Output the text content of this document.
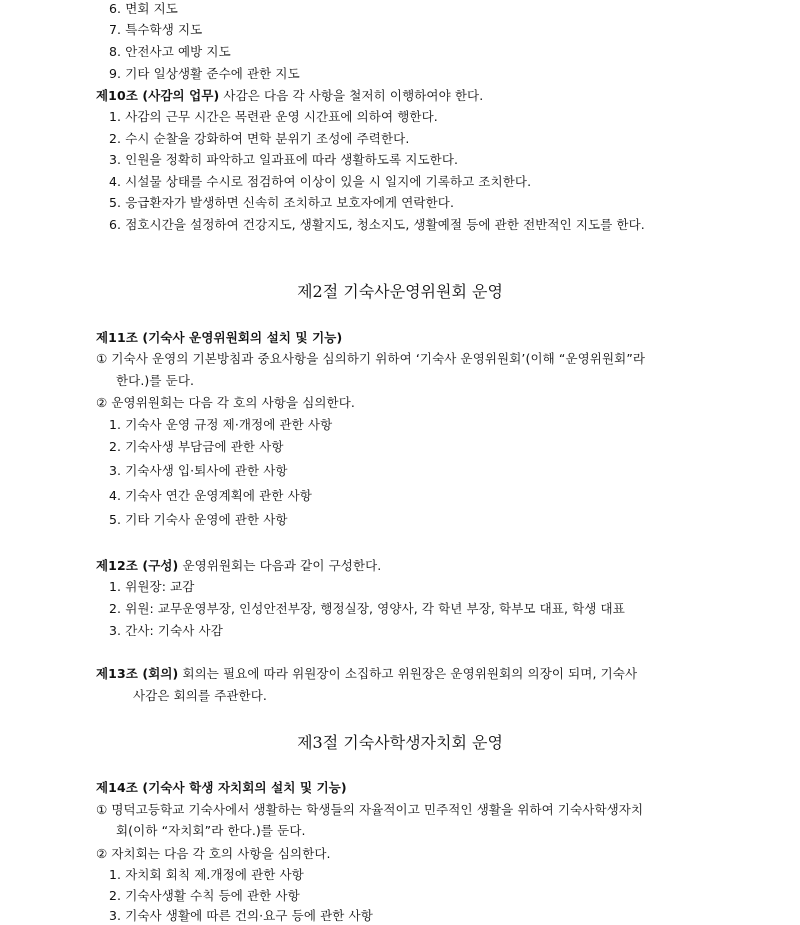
6. 면회 지도
7. 특수학생 지도
8. 안전사고 예방 지도
9. 기타 일상생활 준수에 관한 지도
제10조 (사감의 업무) 사감은 다음 각 사항을 철저히 이행하여야 한다.
1. 사감의 근무 시간은 목련관 운영 시간표에 의하여 행한다.
2. 수시 순찰을 강화하여 면학 분위기 조성에 주력한다.
3. 인원을 정확히 파악하고 일과표에 따라 생활하도록 지도한다.
4. 시설물 상태를 수시로 점검하여 이상이 있을 시 일지에 기록하고 조치한다.
5. 응급환자가 발생하면 신속히 조치하고 보호자에게 연락한다.
6. 점호시간을 설정하여 건강지도, 생활지도, 청소지도, 생활예절 등에 관한 전반적인 지도를 한다.
제2절 기숙사운영위원회 운영
제11조 (기숙사 운영위원회의 설치 및 기능)
① 기숙사 운영의 기본방침과 중요사항을 심의하기 위하여 ‘기숙사 운영위원회’(이해 “운영위원회”라
한다.)를 둔다.
② 운영위원회는 다음 각 호의 사항을 심의한다.
1. 기숙사 운영 규정 제·개정에 관한 사항
2. 기숙사생 부담금에 관한 사항
3. 기숙사생 입·퇴사에 관한 사항
4. 기숙사 연간 운영계획에 관한 사항
5. 기타 기숙사 운영에 관한 사항
제12조 (구성) 운영위원회는 다음과 같이 구성한다.
1. 위원장: 교감
2. 위원: 교무운영부장, 인성안전부장, 행정실장, 영양사, 각 학년 부장, 학부모 대표, 학생 대표
3. 간사: 기숙사 사감
제13조 (회의) 회의는 필요에 따라 위원장이 소집하고 위원장은 운영위원회의 의장이 되며, 기숙사
사감은 회의를 주관한다.
제3절 기숙사학생자치회 운영
제14조 (기숙사 학생 자치회의 설치 및 기능)
① 명덕고등학교 기숙사에서 생활하는 학생들의 자율적이고 민주적인 생활을 위하여 기숙사학생자치
회(이하 “자치회”라 한다.)를 둔다.
② 자치회는 다음 각 호의 사항을 심의한다.
1. 자치회 회칙 제.개정에 관한 사항
2. 기숙사생활 수칙 등에 관한 사항
3. 기숙사 생활에 따른 건의·요구 등에 관한 사항
